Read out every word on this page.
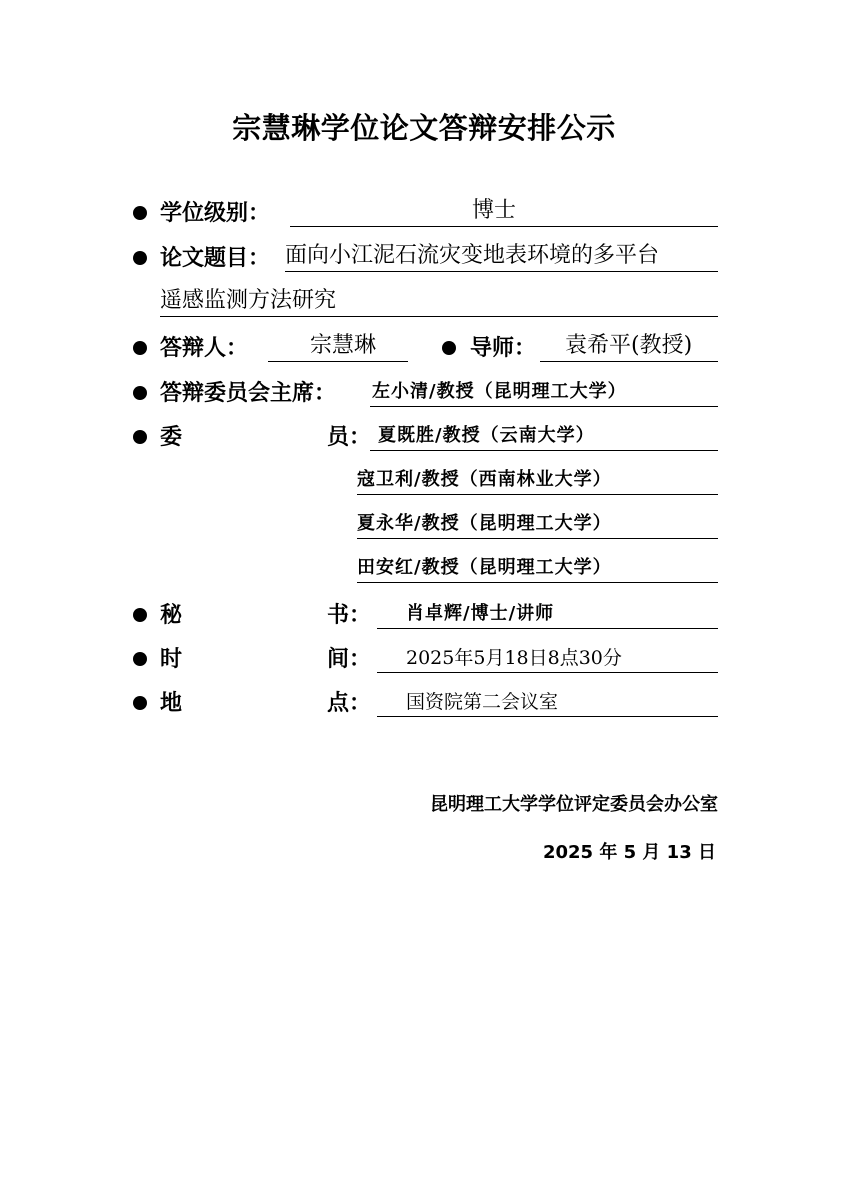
宗慧琳学位论文答辩安排公示
学位级别：	博士
论文题目： 面向小江泥石流灾变地表环境的多平台
遥感监测方法研究
答辩人：	宗慧琳	导师： 袁希平(教授)
答辩委员会主席： 左小清/教授（昆明理工大学）
委	员： 夏既胜/教授（云南大学）
寇卫利/教授（西南林业大学）
夏永华/教授（昆明理工大学）
田安红/教授（昆明理工大学）
秘	书： 肖卓辉/博士/讲师
时	间： 2025年5月18日8点30分
地	点： 国资院第二会议室
昆明理工大学学位评定委员会办公室
2025 年 5 月 13 日
